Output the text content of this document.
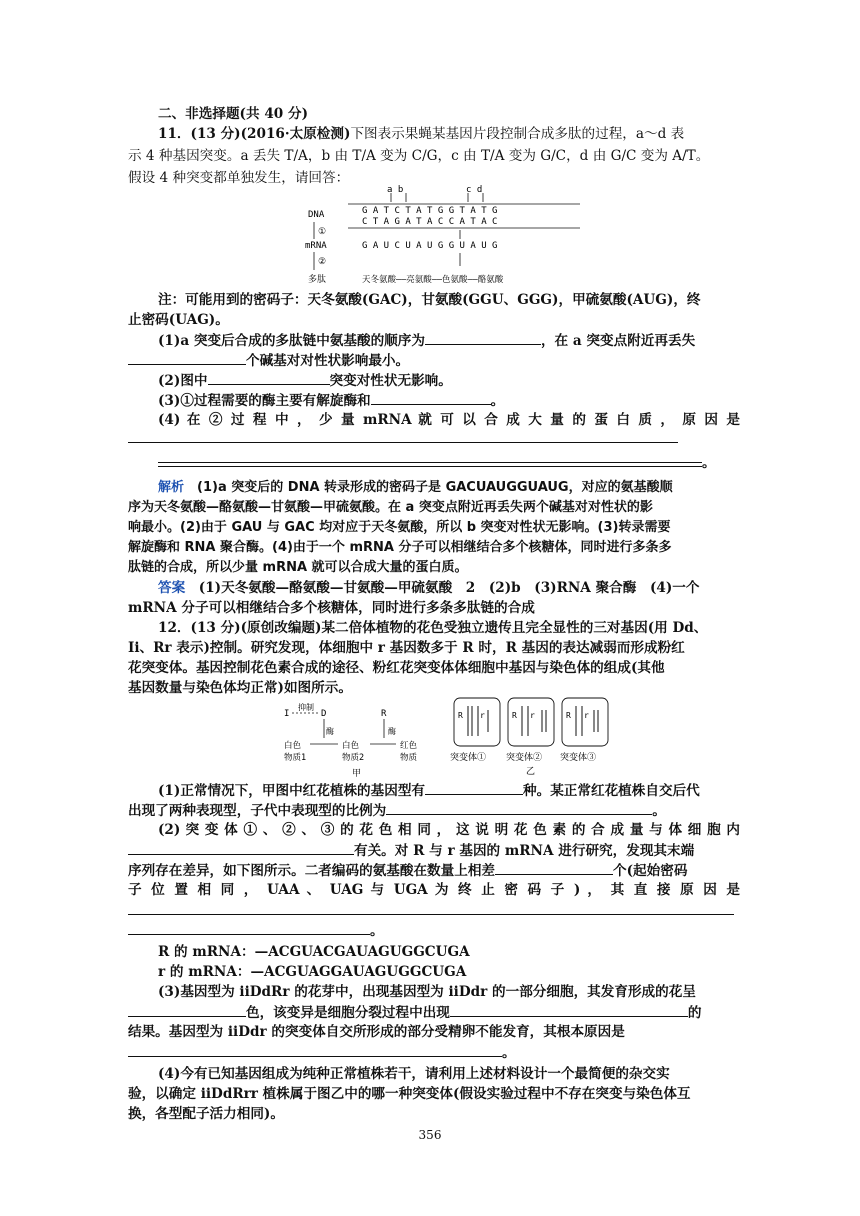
二、非选择题(共 40 分)
11．(13 分)(2016·太原检测)下图表示果蝇某基因片段控制合成多肽的过程，a～d 表
示 4 种基因突变。a 丢失 T/A，b 由 T/A 变为 C/G，c 由 T/A 变为 G/C，d 由 G/C 变为 A/T。
假设 4 种突变都单独发生，请回答：
a b	c d
DNA	G A T C T A T G G T A T G
C T A G A T A C C A T A C
①
mRNA	G A U C U A U G G U A U G
②
多肽	天冬氨酸——亮氨酸——色氨酸——酪氨酸
注：可能用到的密码子：天冬氨酸(GAC)，甘氨酸(GGU、GGG)，甲硫氨酸(AUG)，终
止密码(UAG)。
(1)a 突变后合成的多肽链中氨基酸的顺序为	，在 a 突变点附近再丢失
个碱基对对性状影响最小。
(2)图中	突变对性状无影响。
(3)①过程需要的酶主要有解旋酶和	。
(4) 在 ② 过 程 中 ， 少 量 mRNA 就 可 以 合 成 大 量 的 蛋 白 质 ， 原 因 是
。
解析　 (1)a 突变后的 DNA 转录形成的密码子是 GACUAUGGUAUG，对应的氨基酸顺
序为天冬氨酸—酪氨酸—甘氨酸—甲硫氨酸。在 a 突变点附近再丢失两个碱基对对性状的影
响最小。(2)由于 GAU 与 GAC 均对应于天冬氨酸，所以 b 突变对性状无影响。(3)转录需要
解旋酶和 RNA 聚合酶。(4)由于一个 mRNA 分子可以相继结合多个核糖体，同时进行多条多
肽链的合成，所以少量 mRNA 就可以合成大量的蛋白质。
答案　 (1)天冬氨酸—酪氨酸—甘氨酸—甲硫氨酸　2　(2)b　(3)RNA 聚合酶　(4)一个
mRNA 分子可以相继结合多个核糖体，同时进行多条多肽链的合成
12．(13 分)(原创改编题)某二倍体植物的花色受独立遗传且完全显性的三对基因(用 Dd、
Ii、Rr 表示)控制。研究发现，体细胞中 r 基因数多于 R 时，R 基因的表达减弱而形成粉红
花突变体。基因控制花色素合成的途径、粉红花突变体体细胞中基因与染色体的组成(其他
基因数量与染色体均正常)如图所示。
I
抑制
D	R
酶	酶
白色
物质1
白色
物质2
红色
物质
甲
R r	R r	R r
突变体① 突变体② 突变体③
乙
(1)正常情况下，甲图中红花植株的基因型有	种。某正常红花植株自交后代
出现了两种表现型，子代中表现型的比例为	。
(2) 突 变 体 ① 、 ② 、 ③ 的 花 色 相 同 ， 这 说 明 花 色 素 的 合 成 量 与 体 细 胞 内
有关。对 R 与 r 基因的 mRNA 进行研究，发现其末端
序列存在差异，如下图所示。二者编码的氨基酸在数量上相差	个(起始密码
子 位 置 相 同 ， UAA 、 UAG 与 UGA 为 终 止 密 码 子 ) ， 其 直 接 原 因 是
。
R 的 mRNA：—ACGUACGAUAGUGGCUGA
r 的 mRNA：—ACGUAGGAUAGUGGCUGA
(3)基因型为 iiDdRr 的花芽中，出现基因型为 iiDdr 的一部分细胞，其发育形成的花呈
色，该变异是细胞分裂过程中出现	的
结果。基因型为 iiDdr 的突变体自交所形成的部分受精卵不能发育，其根本原因是
。
(4)今有已知基因组成为纯种正常植株若干，请利用上述材料设计一个最简便的杂交实
验，以确定 iiDdRrr 植株属于图乙中的哪一种突变体(假设实验过程中不存在突变与染色体互
换，各型配子活力相同)。
356
